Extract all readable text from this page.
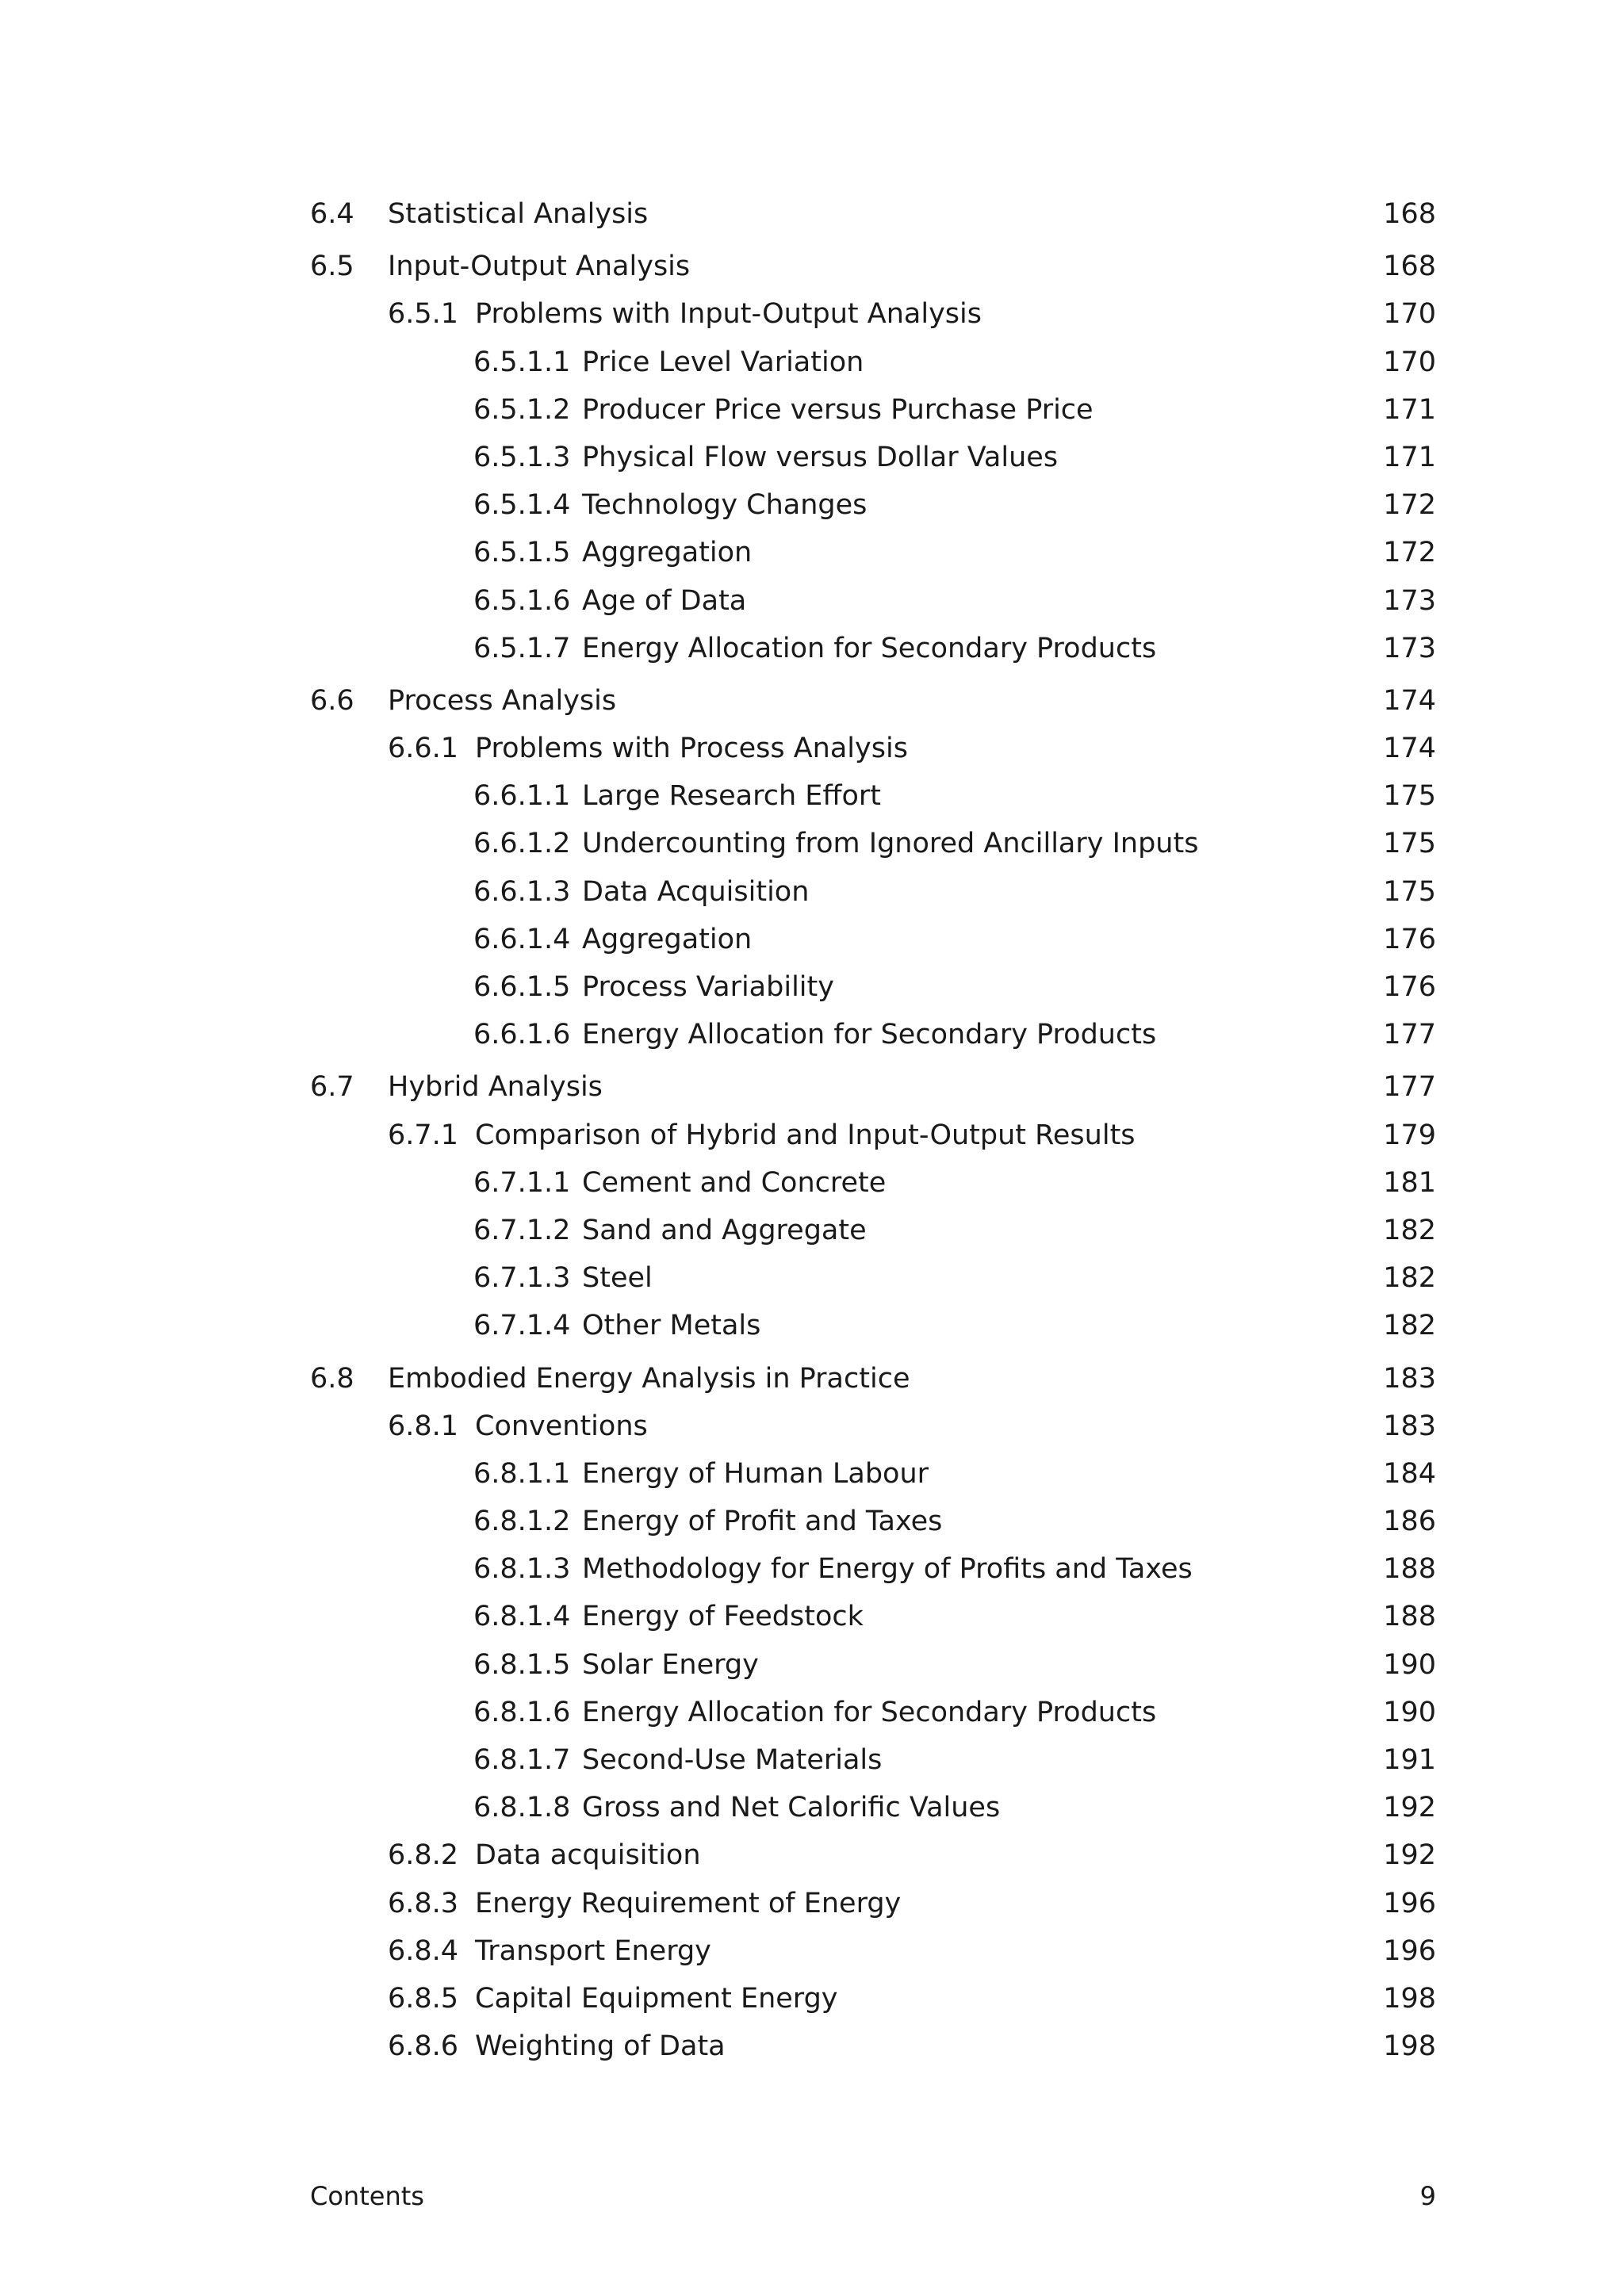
6.4 Statistical Analysis	168
6.5 Input-Output Analysis	168
6.5.1 Problems with Input-Output Analysis	170
6.5.1.1 Price Level Variation	170
6.5.1.2 Producer Price versus Purchase Price	171
6.5.1.3 Physical Flow versus Dollar Values	171
6.5.1.4 Technology Changes	172
6.5.1.5 Aggregation	172
6.5.1.6 Age of Data	173
6.5.1.7 Energy Allocation for Secondary Products	173
6.6 Process Analysis	174
6.6.1 Problems with Process Analysis	174
6.6.1.1 Large Research Effort	175
6.6.1.2 Undercounting from Ignored Ancillary Inputs	175
6.6.1.3 Data Acquisition	175
6.6.1.4 Aggregation	176
6.6.1.5 Process Variability	176
6.6.1.6 Energy Allocation for Secondary Products	177
6.7 Hybrid Analysis	177
6.7.1 Comparison of Hybrid and Input-Output Results	179
6.7.1.1 Cement and Concrete	181
6.7.1.2 Sand and Aggregate	182
6.7.1.3 Steel	182
6.7.1.4 Other Metals	182
6.8 Embodied Energy Analysis in Practice	183
6.8.1 Conventions	183
6.8.1.1 Energy of Human Labour	184
6.8.1.2 Energy of Profit and Taxes	186
6.8.1.3 Methodology for Energy of Profits and Taxes	188
6.8.1.4 Energy of Feedstock	188
6.8.1.5 Solar Energy	190
6.8.1.6 Energy Allocation for Secondary Products	190
6.8.1.7 Second-Use Materials	191
6.8.1.8 Gross and Net Calorific Values	192
6.8.2 Data acquisition	192
6.8.3 Energy Requirement of Energy	196
6.8.4 Transport Energy	196
6.8.5 Capital Equipment Energy	198
6.8.6 Weighting of Data	198
Contents	9
